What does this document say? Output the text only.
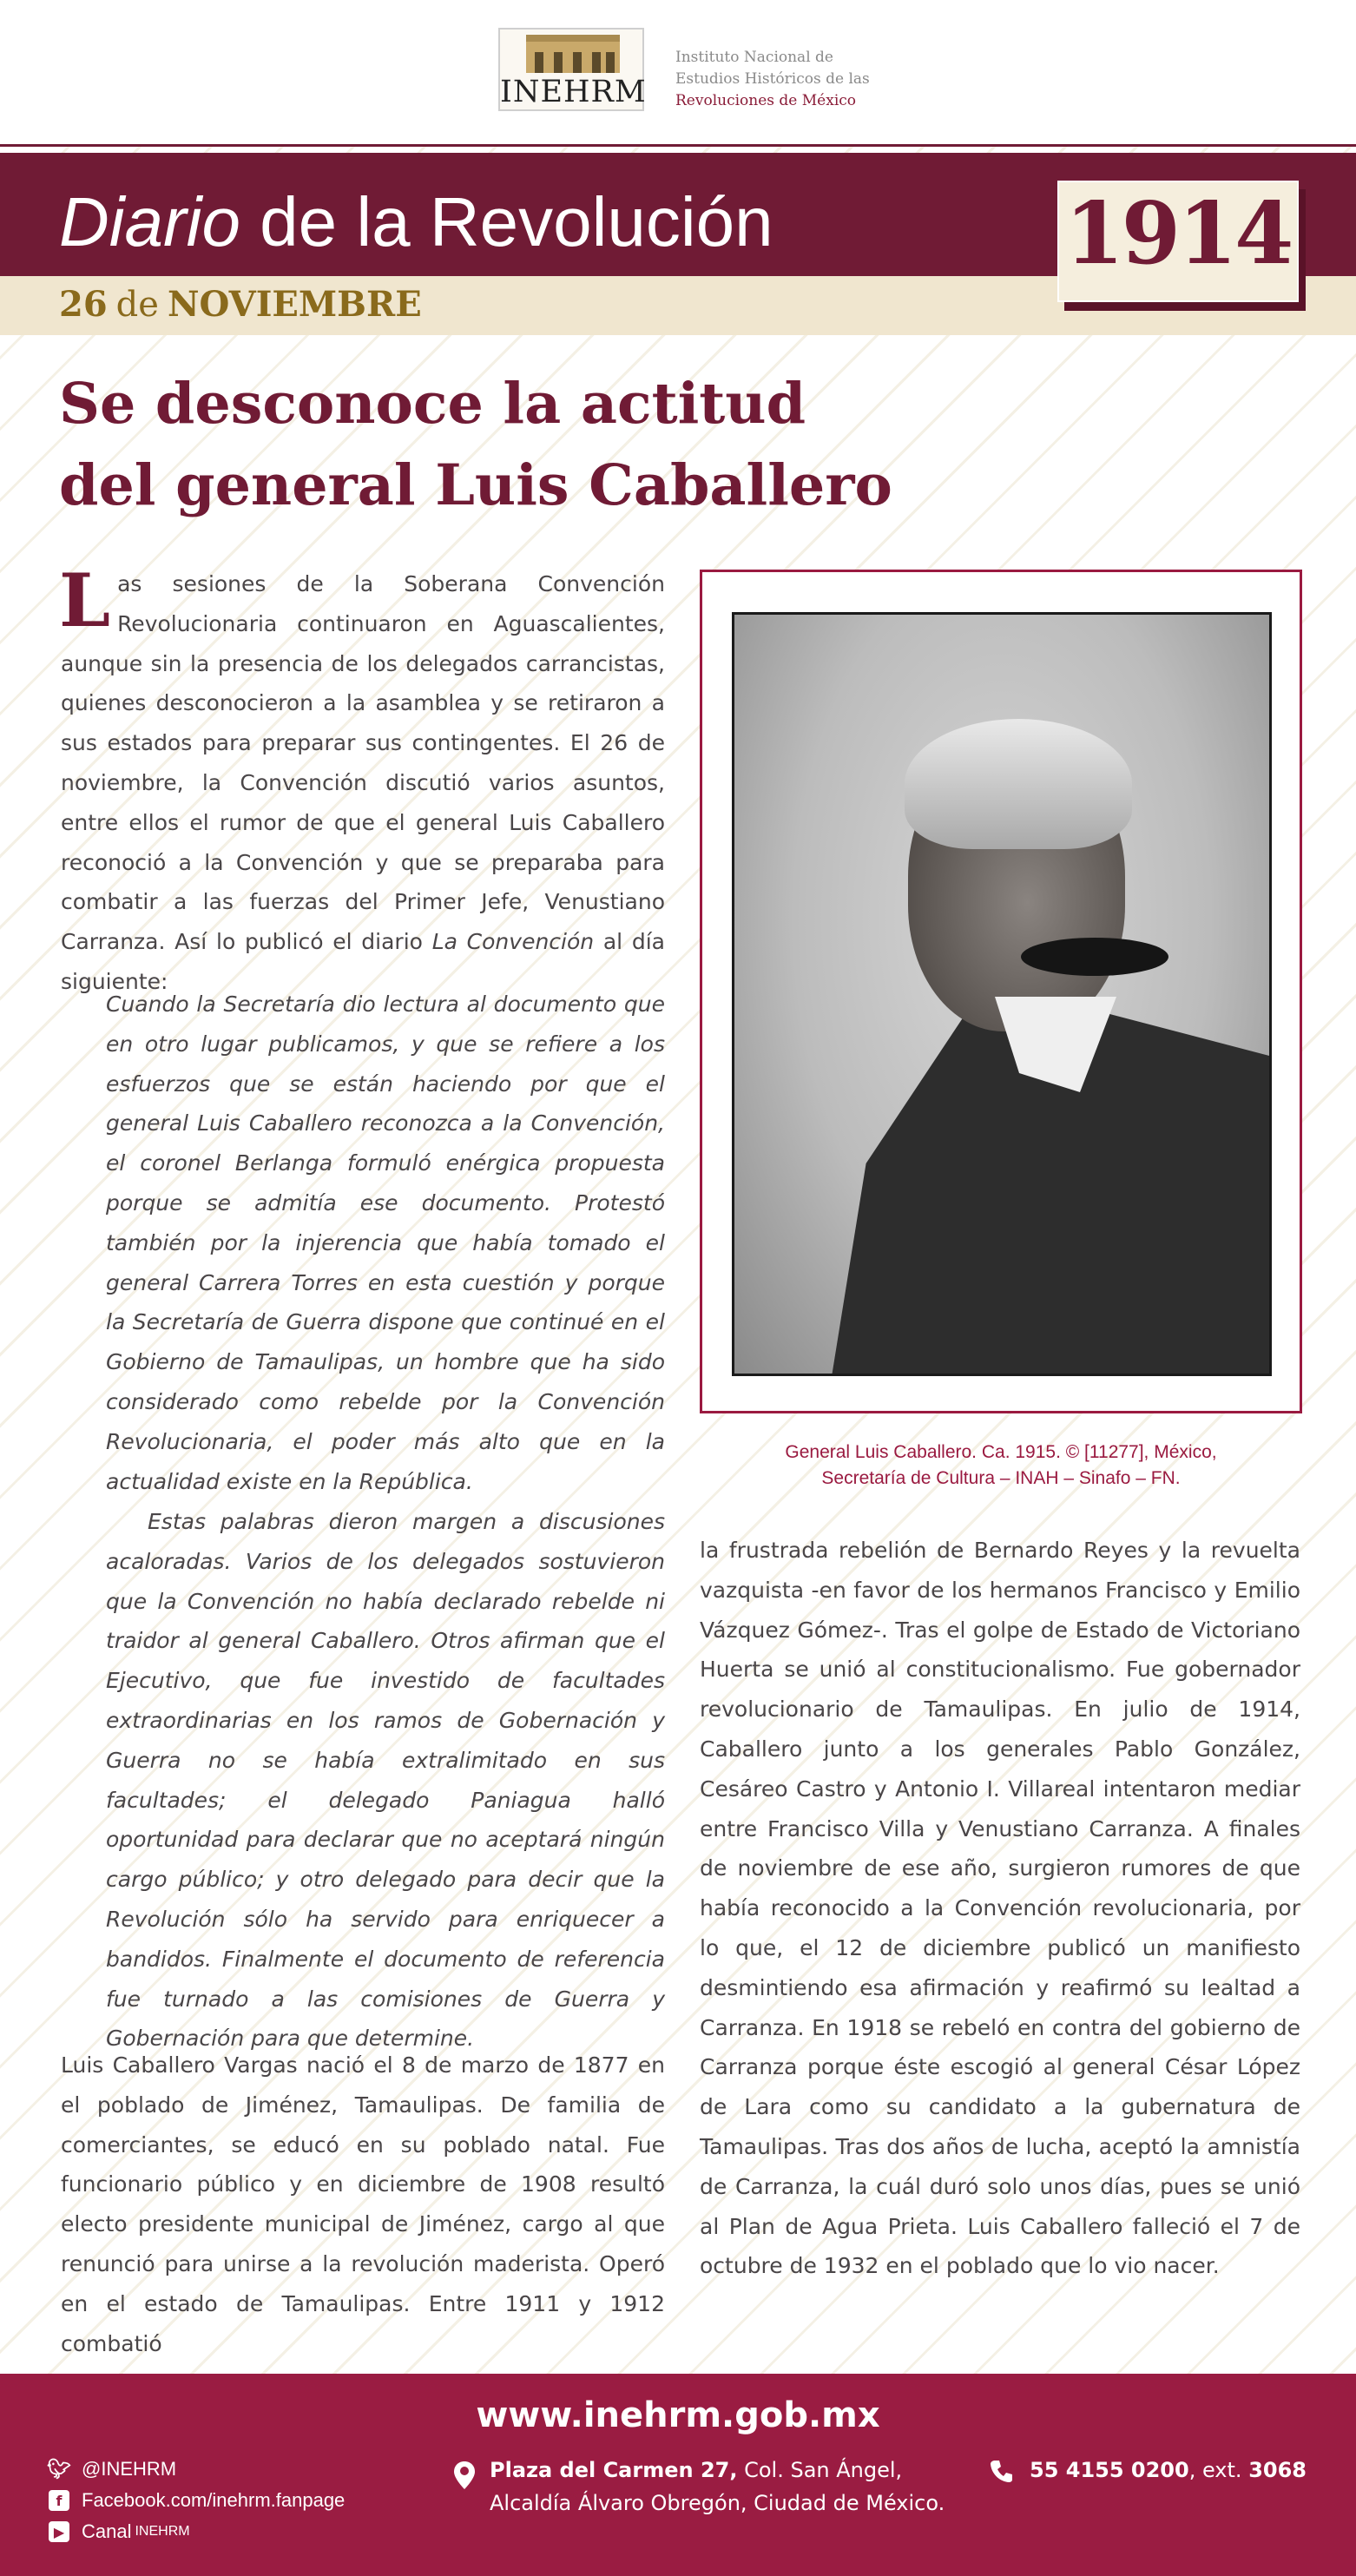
INEHRM
Instituto Nacional de
Estudios Históricos de las
Revoluciones de México
Diario de la Revolución
26 de NOVIEMBRE
1914
Se desconoce la actitud
del general Luis Caballero
Las sesiones de la Soberana Convención Revolucionaria continuaron en Aguascalientes, aunque sin la presencia de los delegados carrancistas, quienes desconocieron a la asamblea y se retiraron a sus estados para preparar sus contingentes. El 26 de noviembre, la Convención discutió varios asuntos, entre ellos el rumor de que el general Luis Caballero reconoció a la Convención y que se preparaba para combatir a las fuerzas del Primer Jefe, Venustiano Carranza. Así lo publicó el diario La Convención al día siguiente:
Cuando la Secretaría dio lectura al documento que en otro lugar publicamos, y que se refiere a los esfuerzos que se están haciendo por que el general Luis Caballero reconozca a la Convención, el coronel Berlanga formuló enérgica propuesta porque se admitía ese documento. Protestó también por la injerencia que había tomado el general Carrera Torres en esta cuestión y porque la Secretaría de Guerra dispone que continué en el Gobierno de Tamaulipas, un hombre que ha sido considerado como rebelde por la Convención Revolucionaria, el poder más alto que en la actualidad existe en la República.
Estas palabras dieron margen a discusiones acaloradas. Varios de los delegados sostuvieron que la Convención no había declarado rebelde ni traidor al general Caballero. Otros afirman que el Ejecutivo, que fue investido de facultades extraordinarias en los ramos de Gobernación y Guerra no se había extralimitado en sus facultades; el delegado Paniagua halló oportunidad para declarar que no aceptará ningún cargo público; y otro delegado para decir que la Revolución sólo ha servido para enriquecer a bandidos. Finalmente el documento de referencia fue turnado a las comisiones de Guerra y Gobernación para que determine.
Luis Caballero Vargas nació el 8 de marzo de 1877 en el poblado de Jiménez, Tamaulipas. De familia de comerciantes, se educó en su poblado natal. Fue funcionario público y en diciembre de 1908 resultó electo presidente municipal de Jiménez, cargo al que renunció para unirse a la revolución maderista. Operó en el estado de Tamaulipas. Entre 1911 y 1912 combatió
General Luis Caballero. Ca. 1915. © [11277], México,
Secretaría de Cultura – INAH – Sinafo – FN.
la frustrada rebelión de Bernardo Reyes y la revuelta vazquista -en favor de los hermanos Francisco y Emilio Vázquez Gómez-. Tras el golpe de Estado de Victoriano Huerta se unió al constitucionalismo. Fue gobernador revolucionario de Tamaulipas. En julio de 1914, Caballero junto a los generales Pablo González, Cesáreo Castro y Antonio I. Villareal intentaron mediar entre Francisco Villa y Venustiano Carranza. A finales de noviembre de ese año, surgieron rumores de que había reconocido a la Convención revolucionaria, por lo que, el 12 de diciembre publicó un manifiesto desmintiendo esa afirmación y reafirmó su lealtad a Carranza. En 1918 se rebeló en contra del gobierno de Carranza porque éste escogió al general César López de Lara como su candidato a la gubernatura de Tamaulipas. Tras dos años de lucha, aceptó la amnistía de Carranza, la cuál duró solo unos días, pues se unió al Plan de Agua Prieta. Luis Caballero falleció el 7 de octubre de 1932 en el poblado que lo vio nacer.
www.inehrm.gob.mx
🐦︎ @INEHRM
f	Facebook.com/inehrm.fanpage
▶ Canal INEHRM
Plaza del Carmen 27, Col. San Ángel,
Alcaldía Álvaro Obregón, Ciudad de México.
55 4155 0200, ext. 3068
